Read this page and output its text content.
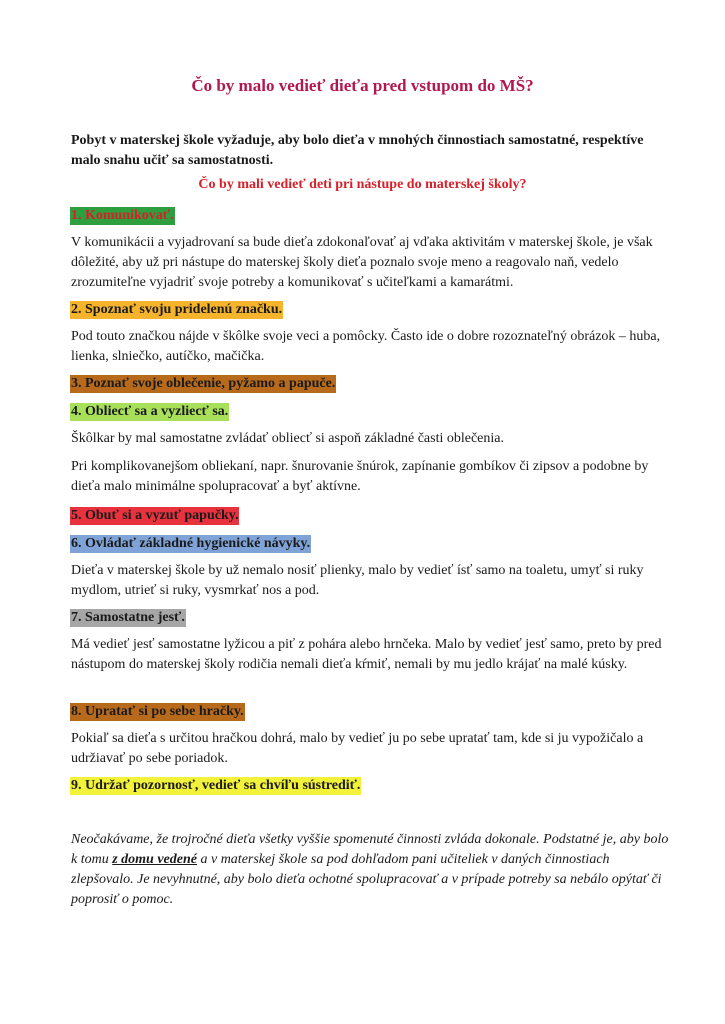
Čo by malo vedieť dieťa pred vstupom do MŠ?
Pobyt v materskej škole vyžaduje, aby bolo dieťa v mnohých činnostiach samostatné, respektíve malo snahu učiť sa samostatnosti.
Čo by mali vedieť deti pri nástupe do materskej školy?
1. Komunikovať.
V komunikácii a vyjadrovaní sa bude dieťa zdokonaľovať aj vďaka aktivitám v materskej škole, je však dôležité, aby už pri nástupe do materskej školy dieťa poznalo svoje meno a reagovalo naň, vedelo zrozumiteľne vyjadriť svoje potreby a komunikovať s učiteľkami a kamarátmi.
2. Spoznať svoju pridelenú značku.
Pod touto značkou nájde v škôlke svoje veci a pomôcky. Často ide o dobre rozoznateľný obrázok – huba, lienka, slniečko, autíčko, mačička.
3. Poznať svoje oblečenie, pyžamo a papuče.
4. Obliecť sa a vyzliecť sa.
Škôlkar by mal samostatne zvládať obliecť si aspoň základné časti oblečenia.
Pri komplikovanejšom obliekaní, napr. šnurovanie šnúrok, zapínanie gombíkov či zipsov a podobne by dieťa malo minimálne spolupracovať a byť aktívne.
5. Obuť si a vyzuť papučky.
6. Ovládať základné hygienické návyky.
Dieťa v materskej škole by už nemalo nosiť plienky, malo by vedieť ísť samo na toaletu, umyť si ruky mydlom, utrieť si ruky, vysmrkať nos a pod.
7. Samostatne jesť.
Má vedieť jesť samostatne lyžicou a piť z pohára alebo hrnčeka. Malo by vedieť jesť samo, preto by pred nástupom do materskej školy rodičia nemali dieťa kŕmiť, nemali by mu jedlo krájať na malé kúsky.
8. Upratať si po sebe hračky.
Pokiaľ sa dieťa s určitou hračkou dohrá, malo by vedieť ju po sebe upratať tam, kde si ju vypožičalo a udržiavať po sebe poriadok.
9. Udržať pozornosť, vedieť sa chvíľu sústrediť.
Neočakávame, že trojročné dieťa všetky vyššie spomenuté činnosti zvláda dokonale. Podstatné je, aby bolo k tomu z domu vedené a v materskej škole sa pod dohľadom pani učiteliek v daných činnostiach zlepšovalo. Je nevyhnutné, aby bolo dieťa ochotné spolupracovať a v prípade potreby sa nebálo opýtať či poprosiť o pomoc.
